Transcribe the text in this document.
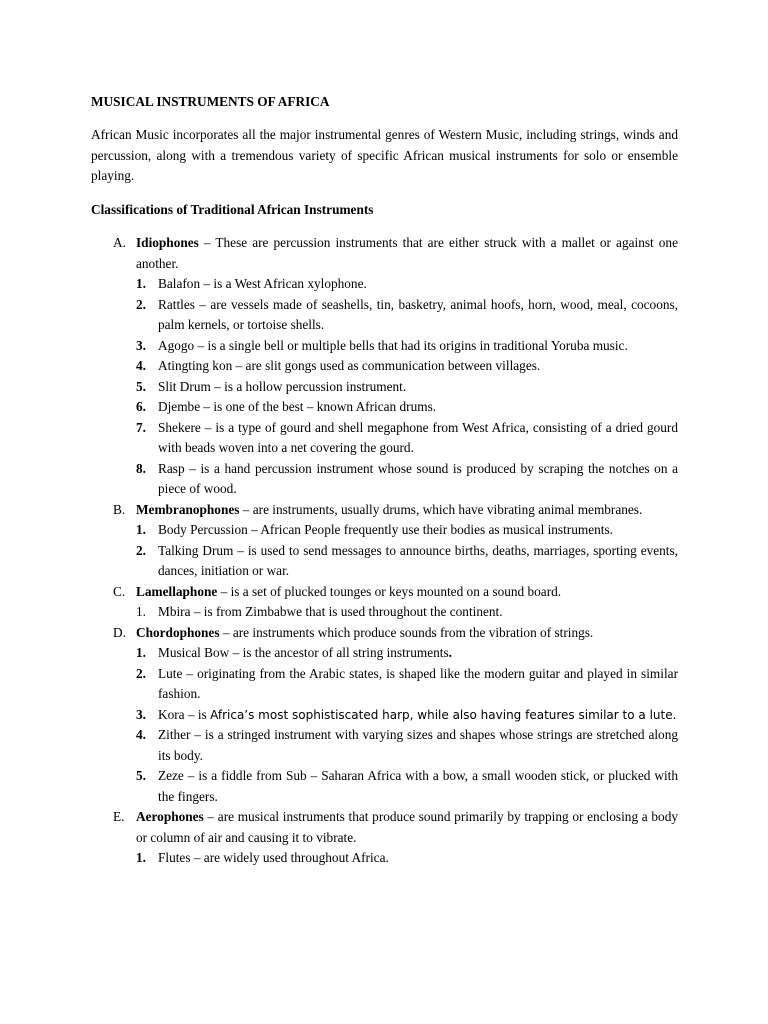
MUSICAL INSTRUMENTS OF AFRICA

African Music incorporates all the major instrumental genres of Western Music, including strings, winds and percussion, along with a tremendous variety of specific African musical instruments for solo or ensemble playing.

Classifications of Traditional African Instruments
A. Idiophones – These are percussion instruments that are either struck with a mallet or against one another.
1. Balafon – is a West African xylophone.
2. Rattles – are vessels made of seashells, tin, basketry, animal hoofs, horn, wood, meal, cocoons, palm kernels, or tortoise shells.
3. Agogo – is a single bell or multiple bells that had its origins in traditional Yoruba music.
4. Atingting kon – are slit gongs used as communication between villages.
5. Slit Drum – is a hollow percussion instrument.
6. Djembe – is one of the best – known African drums.
7. Shekere – is a type of gourd and shell megaphone from West Africa, consisting of a dried gourd with beads woven into a net covering the gourd.
8. Rasp – is a hand percussion instrument whose sound is produced by scraping the notches on a piece of wood.
B. Membranophones – are instruments, usually drums, which have vibrating animal membranes.
1. Body Percussion – African People frequently use their bodies as musical instruments.
2. Talking Drum – is used to send messages to announce births, deaths, marriages, sporting events, dances, initiation or war.
C. Lamellaphone – is a set of plucked tounges or keys mounted on a sound board.
1. Mbira – is from Zimbabwe that is used throughout the continent.
D. Chordophones – are instruments which produce sounds from the vibration of strings.
1. Musical Bow – is the ancestor of all string instruments.
2. Lute – originating from the Arabic states, is shaped like the modern guitar and played in similar fashion.
3. Kora – is Africa’s most sophistiscated harp, while also having features similar to a lute.
4. Zither – is a stringed instrument with varying sizes and shapes whose strings are stretched along its body.
5. Zeze – is a fiddle from Sub – Saharan Africa with a bow, a small wooden stick, or plucked with the fingers.
E. Aerophones – are musical instruments that produce sound primarily by trapping or enclosing a body or column of air and causing it to vibrate.
1. Flutes – are widely used throughout Africa.
